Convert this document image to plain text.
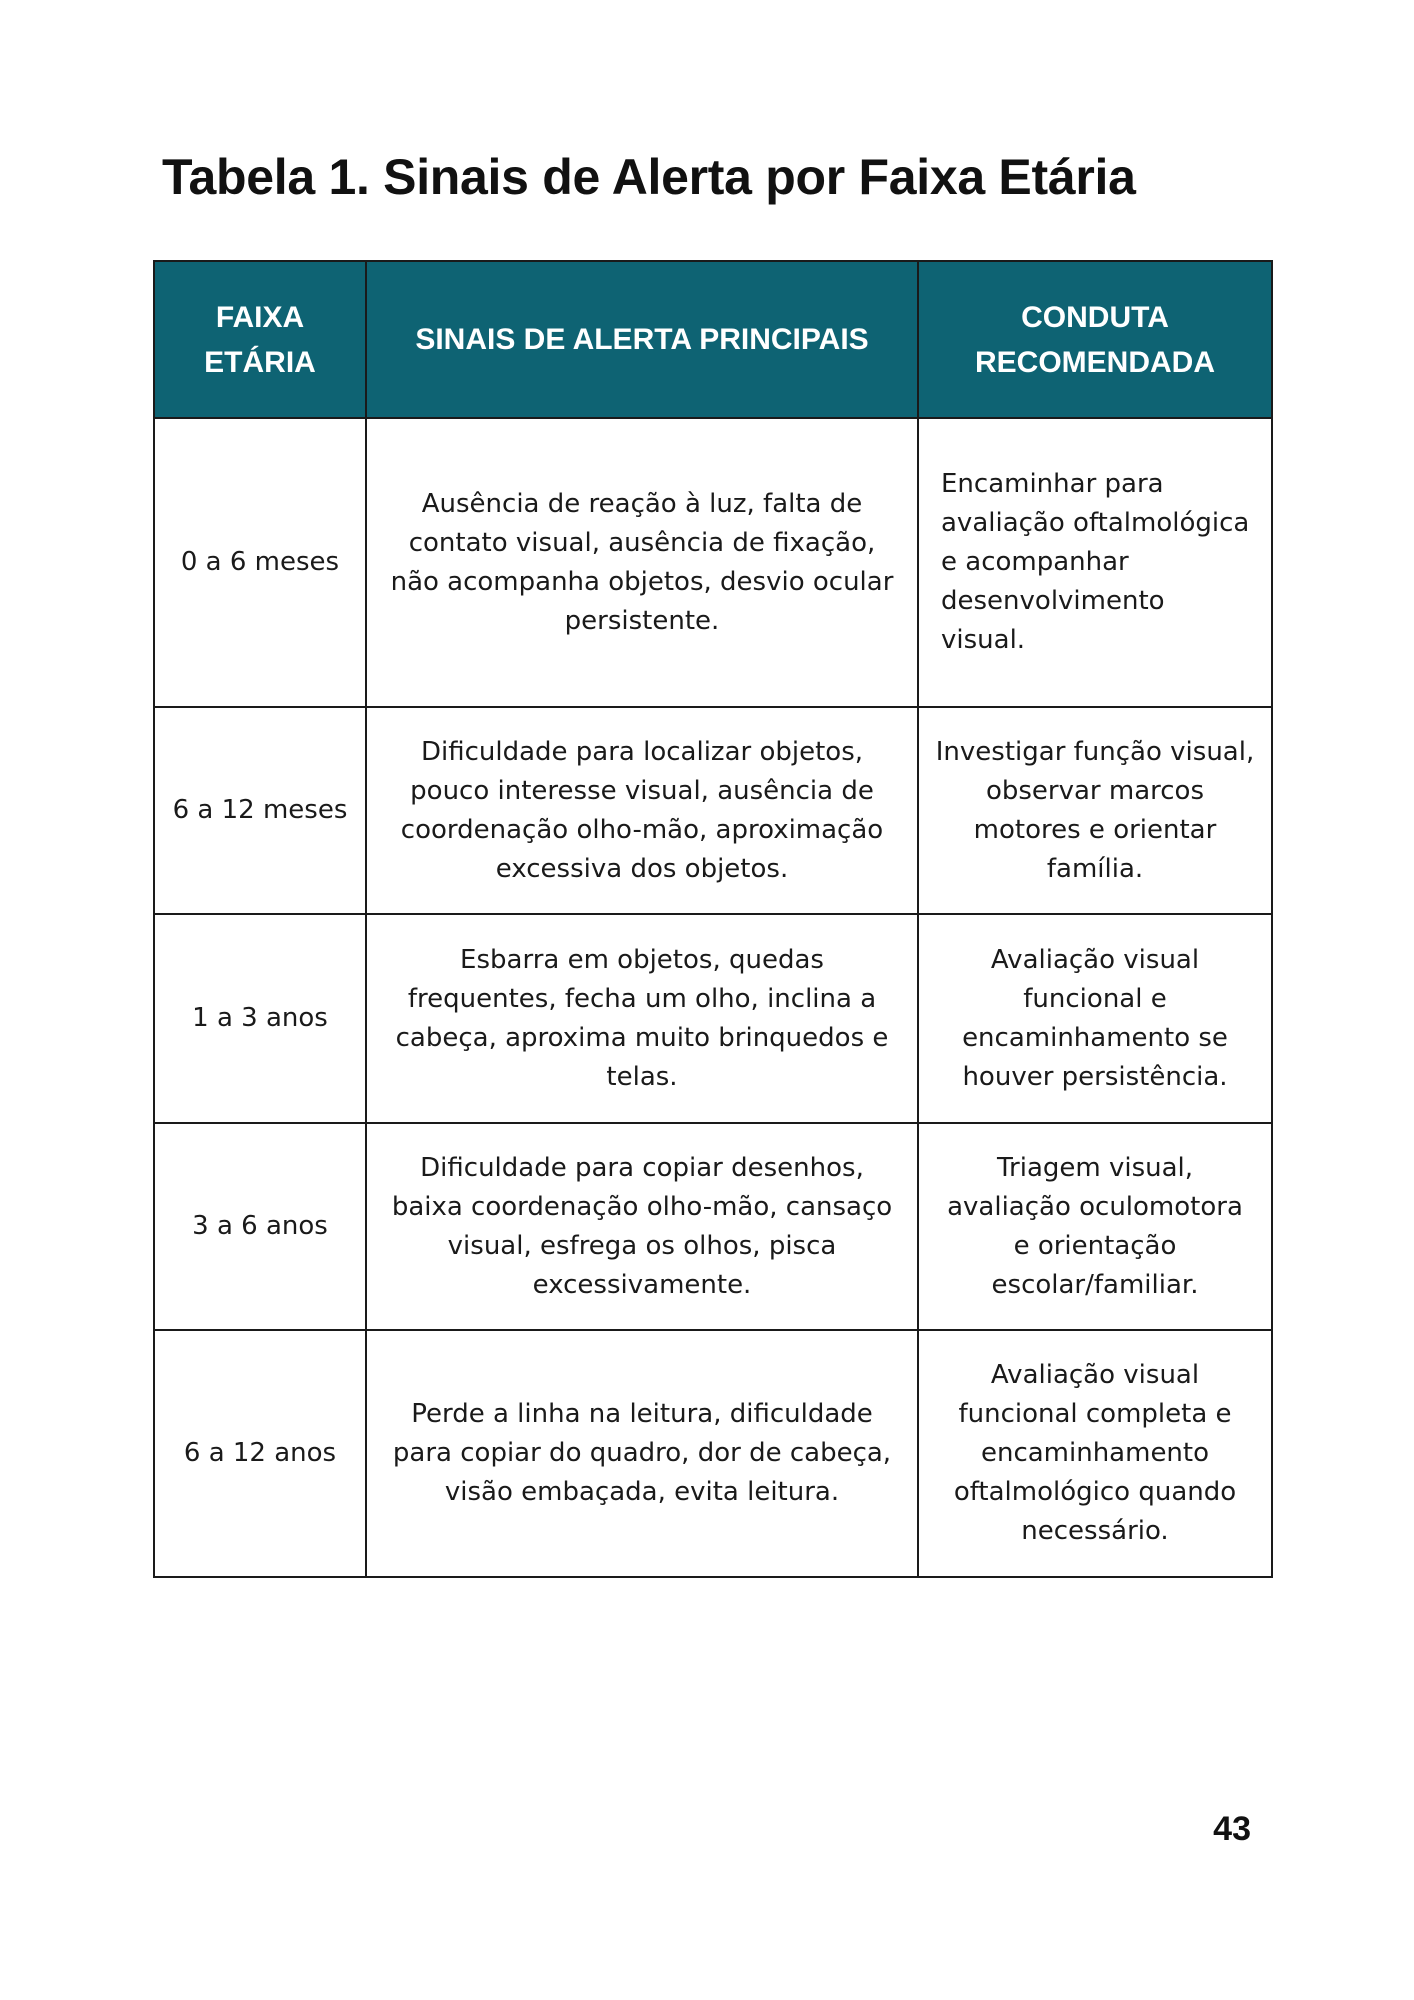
Tabela 1. Sinais de Alerta por Faixa Etária
FAIXA ETÁRIA	SINAIS DE ALERTA PRINCIPAIS	CONDUTA RECOMENDADA
0 a 6 meses	Ausência de reação à luz, falta de contato visual, ausência de fixação, não acompanha objetos, desvio ocular persistente.	Encaminhar para avaliação oftalmológica e acompanhar desenvolvimento visual.
6 a 12 meses	Dificuldade para localizar objetos, pouco interesse visual, ausência de coordenação olho-mão, aproximação excessiva dos objetos.	Investigar função visual, observar marcos motores e orientar família.
1 a 3 anos	Esbarra em objetos, quedas frequentes, fecha um olho, inclina a cabeça, aproxima muito brinquedos e telas.	Avaliação visual funcional e encaminhamento se houver persistência.
3 a 6 anos	Dificuldade para copiar desenhos, baixa coordenação olho-mão, cansaço visual, esfrega os olhos, pisca excessivamente.	Triagem visual, avaliação oculomotora e orientação escolar/familiar.
6 a 12 anos	Perde a linha na leitura, dificuldade para copiar do quadro, dor de cabeça, visão embaçada, evita leitura.	Avaliação visual funcional completa e encaminhamento oftalmológico quando necessário.
43
